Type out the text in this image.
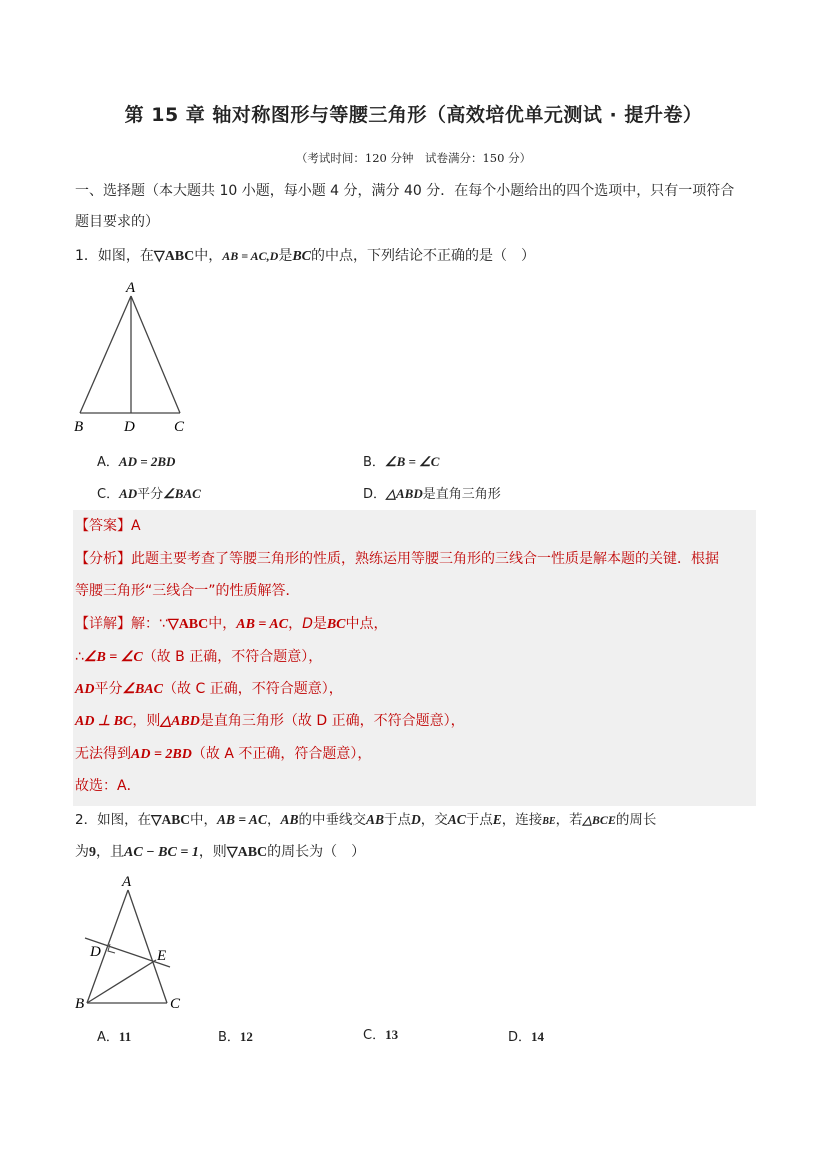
第 15 章 轴对称图形与等腰三角形（高效培优单元测试 · 提升卷）
（考试时间：120 分钟　试卷满分：150 分）
一、选择题（本大题共 10 小题，每小题 4 分，满分 40 分．在每个小题给出的四个选项中，只有一项符合
题目要求的）
1．如图，在▽ABC中，AB = AC,D是BC的中点，下列结论不正确的是（　）
A
B	D	C
A．AD = 2BD	B．∠B = ∠C
C．AD平分∠BAC	D．△ABD是直角三角形
【答案】A
【分析】此题主要考查了等腰三角形的性质，熟练运用等腰三角形的三线合一性质是解本题的关键．根据
等腰三角形“三线合一”的性质解答．
【详解】解：∵▽ABC中，AB = AC，D是BC中点，
∴∠B = ∠C（故 B 正确，不符合题意），
AD平分∠BAC（故 C 正确，不符合题意），
AD ⊥ BC，则△ABD是直角三角形（故 D 正确，不符合题意），
无法得到AD = 2BD（故 A 不正确，符合题意），
故选：A．
2．如图，在▽ABC中，AB = AC，AB的中垂线交AB于点D，交AC于点E，连接BE，若△BCE的周长
为9，且AC − BC = 1，则▽ABC的周长为（　）
A
D	E
B	C
A．11	B．12	C．13	D．14
